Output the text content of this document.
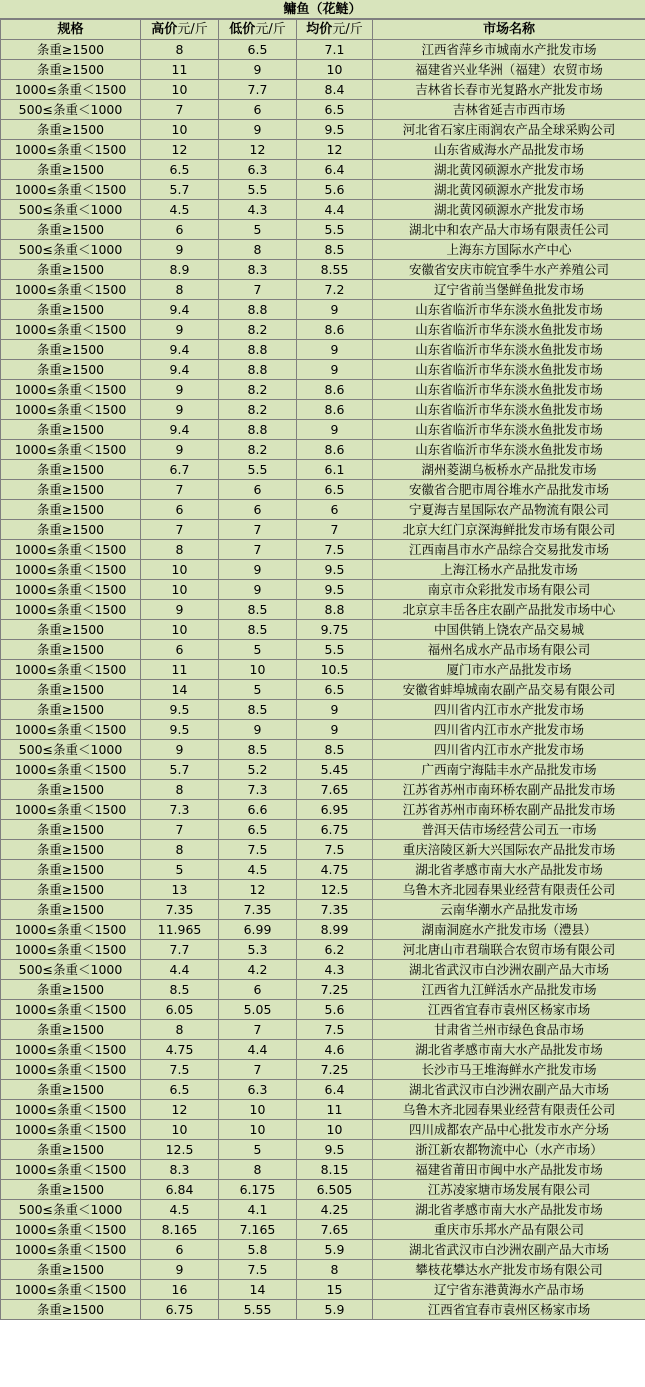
鳙鱼（花鲢）
规格	高价元/斤	低价元/斤	均价元/斤	市场名称
条重≥1500	8	6.5	7.1	江西省萍乡市城南水产批发市场
条重≥1500	11	9	10	福建省兴业华洲（福建）农贸市场
1000≤条重＜1500	10	7.7	8.4	吉林省长春市光复路水产批发市场
500≤条重＜1000	7	6	6.5	吉林省延吉市西市场
条重≥1500	10	9	9.5	河北省石家庄雨润农产品全球采购公司
1000≤条重＜1500	12	12	12	山东省威海水产品批发市场
条重≥1500	6.5	6.3	6.4	湖北黄冈硕源水产批发市场
1000≤条重＜1500	5.7	5.5	5.6	湖北黄冈硕源水产批发市场
500≤条重＜1000	4.5	4.3	4.4	湖北黄冈硕源水产批发市场
条重≥1500	6	5	5.5	湖北中和农产品大市场有限责任公司
500≤条重＜1000	9	8	8.5	上海东方国际水产中心
条重≥1500	8.9	8.3	8.55	安徽省安庆市皖宜季牛水产养殖公司
1000≤条重＜1500	8	7	7.2	辽宁省前当堡鲜鱼批发市场
条重≥1500	9.4	8.8	9	山东省临沂市华东淡水鱼批发市场
1000≤条重＜1500	9	8.2	8.6	山东省临沂市华东淡水鱼批发市场
条重≥1500	9.4	8.8	9	山东省临沂市华东淡水鱼批发市场
条重≥1500	9.4	8.8	9	山东省临沂市华东淡水鱼批发市场
1000≤条重＜1500	9	8.2	8.6	山东省临沂市华东淡水鱼批发市场
1000≤条重＜1500	9	8.2	8.6	山东省临沂市华东淡水鱼批发市场
条重≥1500	9.4	8.8	9	山东省临沂市华东淡水鱼批发市场
1000≤条重＜1500	9	8.2	8.6	山东省临沂市华东淡水鱼批发市场
条重≥1500	6.7	5.5	6.1	湖州菱湖乌板桥水产品批发市场
条重≥1500	7	6	6.5	安徽省合肥市周谷堆水产品批发市场
条重≥1500	6	6	6	宁夏海吉星国际农产品物流有限公司
条重≥1500	7	7	7	北京大红门京深海鲜批发市场有限公司
1000≤条重＜1500	8	7	7.5	江西南昌市水产品综合交易批发市场
1000≤条重＜1500	10	9	9.5	上海江杨水产品批发市场
1000≤条重＜1500	10	9	9.5	南京市众彩批发市场有限公司
1000≤条重＜1500	9	8.5	8.8	北京京丰岳各庄农副产品批发市场中心
条重≥1500	10	8.5	9.75	中国供销上饶农产品交易城
条重≥1500	6	5	5.5	福州名成水产品市场有限公司
1000≤条重＜1500	11	10	10.5	厦门市水产品批发市场
条重≥1500	14	5	6.5	安徽省蚌埠城南农副产品交易有限公司
条重≥1500	9.5	8.5	9	四川省内江市水产批发市场
1000≤条重＜1500	9.5	9	9	四川省内江市水产批发市场
500≤条重＜1000	9	8.5	8.5	四川省内江市水产批发市场
1000≤条重＜1500	5.7	5.2	5.45	广西南宁海陆丰水产品批发市场
条重≥1500	8	7.3	7.65	江苏省苏州市南环桥农副产品批发市场
1000≤条重＜1500	7.3	6.6	6.95	江苏省苏州市南环桥农副产品批发市场
条重≥1500	7	6.5	6.75	普洱天佶市场经营公司五一市场
条重≥1500	8	7.5	7.5	重庆涪陵区新大兴国际农产品批发市场
条重≥1500	5	4.5	4.75	湖北省孝感市南大水产品批发市场
条重≥1500	13	12	12.5	乌鲁木齐北园春果业经营有限责任公司
条重≥1500	7.35	7.35	7.35	云南华潮水产品批发市场
1000≤条重＜1500	11.965	6.99	8.99	湖南洞庭水产批发市场（澧县）
1000≤条重＜1500	7.7	5.3	6.2	河北唐山市君瑞联合农贸市场有限公司
500≤条重＜1000	4.4	4.2	4.3	湖北省武汉市白沙洲农副产品大市场
条重≥1500	8.5	6	7.25	江西省九江鲜活水产品批发市场
1000≤条重＜1500	6.05	5.05	5.6	江西省宜春市袁州区杨家市场
条重≥1500	8	7	7.5	甘肃省兰州市绿色食品市场
1000≤条重＜1500	4.75	4.4	4.6	湖北省孝感市南大水产品批发市场
1000≤条重＜1500	7.5	7	7.25	长沙市马王堆海鲜水产批发市场
条重≥1500	6.5	6.3	6.4	湖北省武汉市白沙洲农副产品大市场
1000≤条重＜1500	12	10	11	乌鲁木齐北园春果业经营有限责任公司
1000≤条重＜1500	10	10	10	四川成都农产品中心批发市水产分场
条重≥1500	12.5	5	9.5	浙江新农都物流中心（水产市场）
1000≤条重＜1500	8.3	8	8.15	福建省莆田市闽中水产品批发市场
条重≥1500	6.84	6.175	6.505	江苏凌家塘市场发展有限公司
500≤条重＜1000	4.5	4.1	4.25	湖北省孝感市南大水产品批发市场
1000≤条重＜1500	8.165	7.165	7.65	重庆市乐邦水产品有限公司
1000≤条重＜1500	6	5.8	5.9	湖北省武汉市白沙洲农副产品大市场
条重≥1500	9	7.5	8	攀枝花攀达水产批发市场有限公司
1000≤条重＜1500	16	14	15	辽宁省东港黄海水产品市场
条重≥1500	6.75	5.55	5.9	江西省宜春市袁州区杨家市场
